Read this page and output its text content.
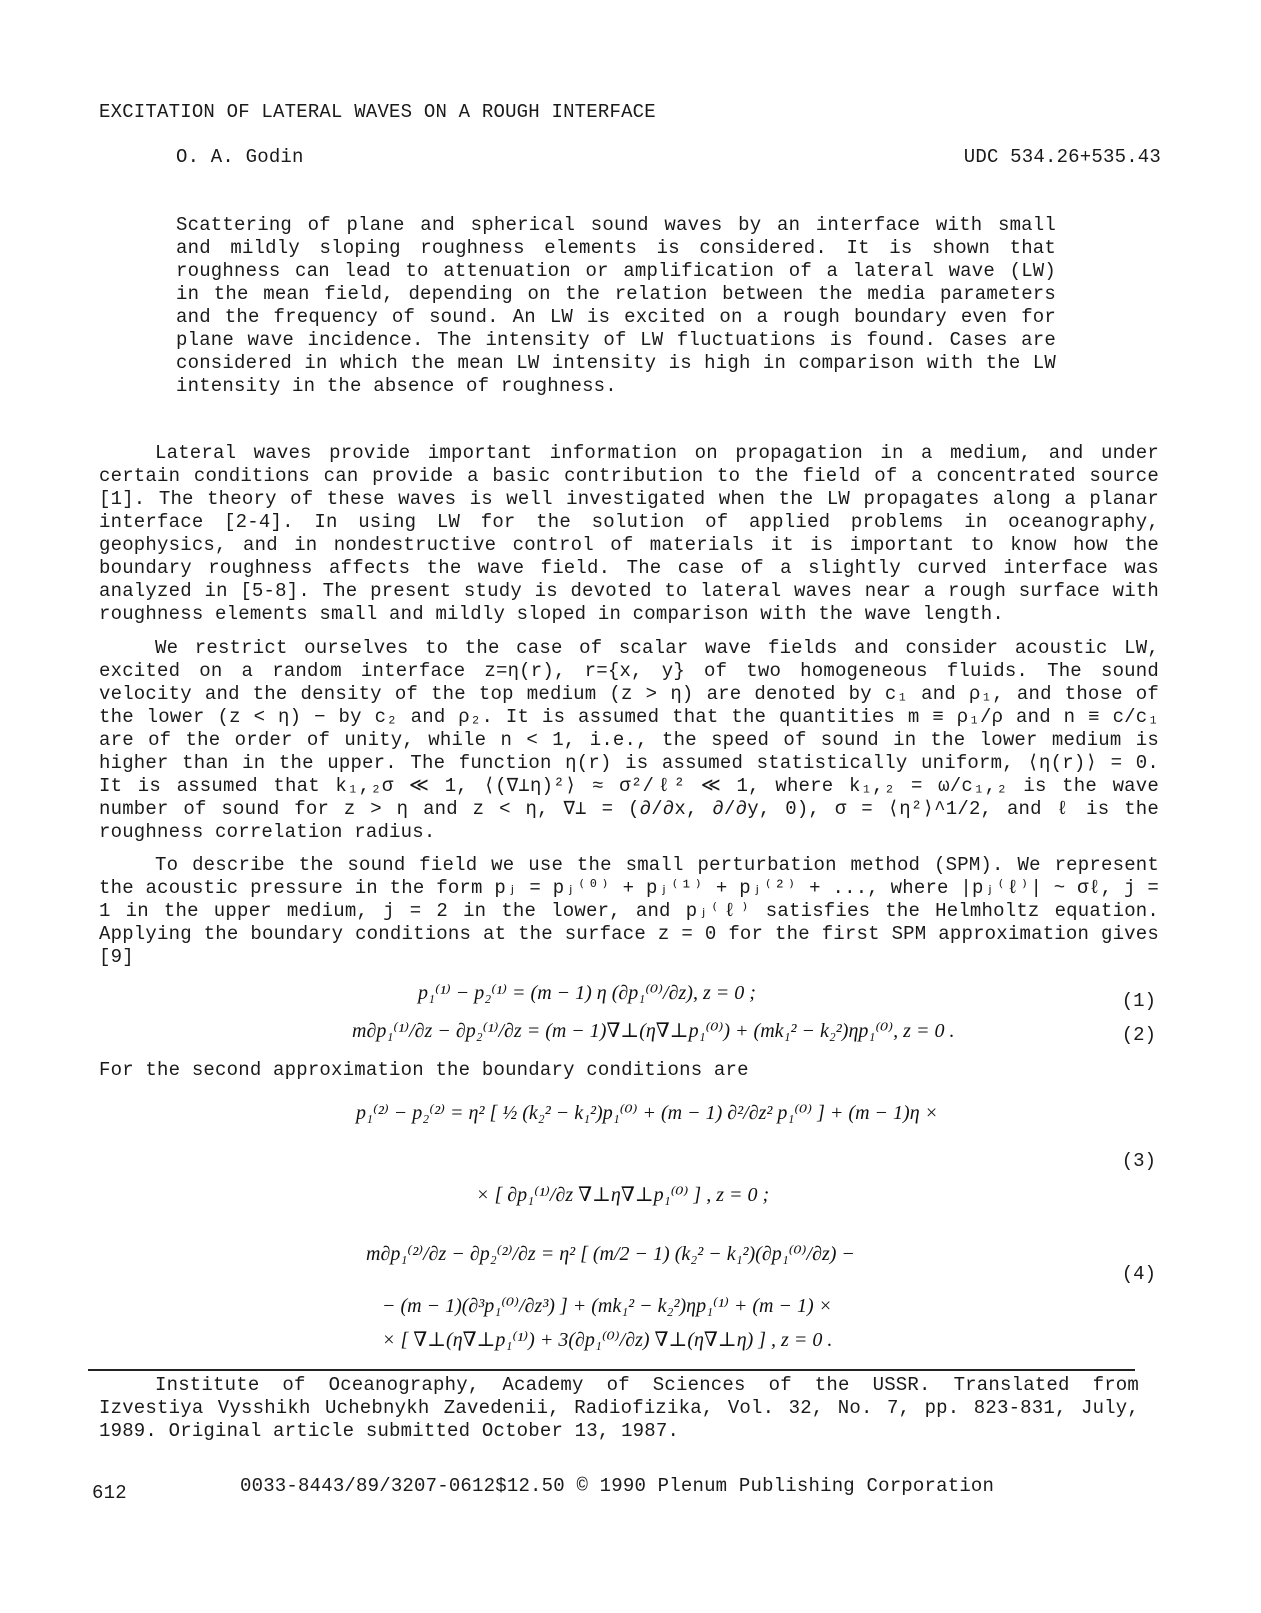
EXCITATION OF LATERAL WAVES ON A ROUGH INTERFACE
O. A. Godin	UDC 534.26+535.43
Scattering of plane and spherical sound waves by an interface with small and mildly sloping roughness elements is considered. It is shown that roughness can lead to attenuation or amplification of a lateral wave (LW) in the mean field, depending on the relation between the media parameters and the frequency of sound. An LW is excited on a rough boundary even for plane wave incidence. The intensity of LW fluctuations is found. Cases are considered in which the mean LW intensity is high in comparison with the LW intensity in the absence of roughness.

Lateral waves provide important information on propagation in a medium, and under certain conditions can provide a basic contribution to the field of a concentrated source [1]. The theory of these waves is well investigated when the LW propagates along a planar interface [2-4]. In using LW for the solution of applied problems in oceanography, geophysics, and in nondestructive control of materials it is important to know how the boundary roughness affects the wave field. The case of a slightly curved interface was analyzed in [5-8]. The present study is devoted to lateral waves near a rough surface with roughness elements small and mildly sloped in comparison with the wave length.

We restrict ourselves to the case of scalar wave fields and consider acoustic LW, excited on a random interface z=η(r), r={x, y} of two homogeneous fluids. The sound velocity and the density of the top medium (z > η) are denoted by c₁ and ρ₁, and those of the lower (z < η) − by c₂ and ρ₂. It is assumed that the quantities m ≡ ρ₁/ρ and n ≡ c/c₁ are of the order of unity, while n < 1, i.e., the speed of sound in the lower medium is higher than in the upper. The function η(r) is assumed statistically uniform, ⟨η(r)⟩ = 0. It is assumed that k₁,₂σ ≪ 1, ⟨(∇⊥η)²⟩ ≈ σ²/ℓ² ≪ 1, where k₁,₂ = ω/c₁,₂ is the wave number of sound for z > η and z < η, ∇⊥ = (∂/∂x, ∂/∂y, 0), σ = ⟨η²⟩^1/2, and ℓ is the roughness correlation radius.

To describe the sound field we use the small perturbation method (SPM). We represent the acoustic pressure in the form pⱼ = pⱼ⁽⁰⁾ + pⱼ⁽¹⁾ + pⱼ⁽²⁾ + ..., where |pⱼ⁽ℓ⁾| ~ σℓ, j = 1 in the upper medium, j = 2 in the lower, and pⱼ⁽ℓ⁾ satisfies the Helmholtz equation. Applying the boundary conditions at the surface z = 0 for the first SPM approximation gives [9]

p₁⁽¹⁾ − p₂⁽¹⁾ = (m − 1) η (∂p₁⁽⁰⁾/∂z), z = 0 ;	(1)
m∂p₁⁽¹⁾/∂z − ∂p₂⁽¹⁾/∂z = (m − 1)∇⊥(η∇⊥p₁⁽⁰⁾) + (mk₁² − k₂²)ηp₁⁽⁰⁾, z = 0 .	(2)
For the second approximation the boundary conditions are
p₁⁽²⁾ − p₂⁽²⁾ = η² [ ½ (k₂² − k₁²)p₁⁽⁰⁾ + (m − 1) ∂²/∂z² p₁⁽⁰⁾ ] + (m − 1)η ×
× [ ∂p₁⁽¹⁾/∂z ∇⊥η∇⊥p₁⁽⁰⁾ ] , z = 0 ;
(3)
m∂p₁⁽²⁾/∂z − ∂p₂⁽²⁾/∂z = η² [ (m/2 − 1) (k₂² − k₁²)(∂p₁⁽⁰⁾/∂z) −
− (m − 1)(∂³p₁⁽⁰⁾/∂z³) ] + (mk₁² − k₂²)ηp₁⁽¹⁾ + (m − 1) ×
× [ ∇⊥(η∇⊥p₁⁽¹⁾) + 3(∂p₁⁽⁰⁾/∂z) ∇⊥(η∇⊥η) ] , z = 0 .
(4)

Institute of Oceanography, Academy of Sciences of the USSR. Translated from Izvestiya Vysshikh Uchebnykh Zavedenii, Radiofizika, Vol. 32, No. 7, pp. 823-831, July, 1989. Original article submitted October 13, 1987.

612	0033-8443/89/3207-0612$12.50 © 1990 Plenum Publishing Corporation
